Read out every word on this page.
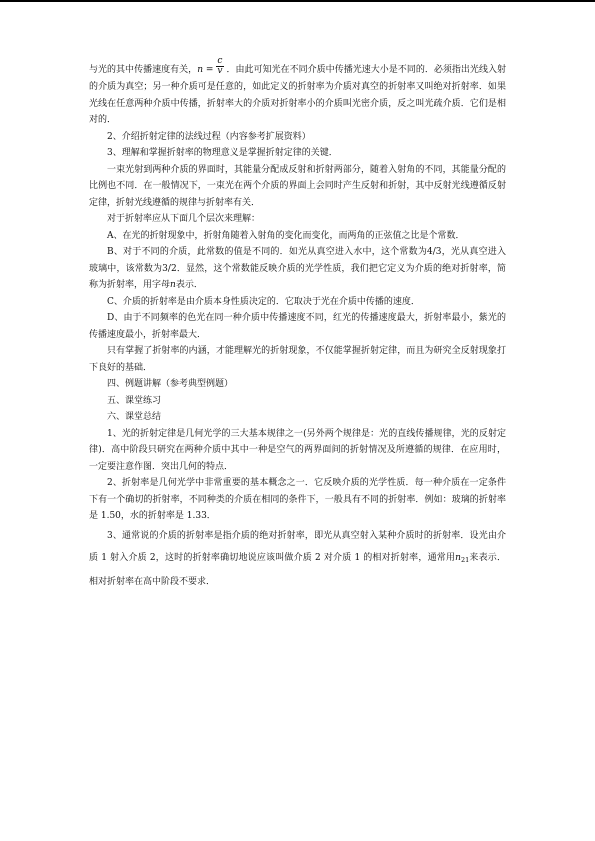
与光的其中传播速度有关，$n = \frac{c}{v}$ ．由此可知光在不同介质中传播光速大小是不同的．必须指出光线入射的介质为真空；另一种介质可是任意的，如此定义的折射率为介质对真空的折射率又叫绝对折射率．如果光线在任意两种介质中传播，折射率大的介质对折射率小的介质叫光密介质，反之叫光疏介质．它们是相对的．

2、介绍折射定律的法线过程（内容参考扩展资料）

3、理解和掌握折射率的物理意义是掌握折射定律的关键．

一束光射到两种介质的界面时，其能量分配成反射和折射两部分，随着入射角的不同，其能量分配的比例也不同．在一般情况下，一束光在两个介质的界面上会同时产生反射和折射，其中反射光线遵循反射定律，折射光线遵循的规律与折射率有关．

对于折射率应从下面几个层次来理解：

A、在光的折射现象中，折射角随着入射角的变化而变化，而两角的正弦值之比是个常数．

B、对于不同的介质，此常数的值是不同的．如光从真空进入水中，这个常数为4/3，光从真空进入玻璃中，该常数为3/2．显然，这个常数能反映介质的光学性质，我们把它定义为介质的绝对折射率，简称为折射率，用字母n表示．

C、介质的折射率是由介质本身性质决定的．它取决于光在介质中传播的速度．

D、由于不同频率的色光在同一种介质中传播速度不同，红光的传播速度最大，折射率最小，紫光的传播速度最小，折射率最大．

只有掌握了折射率的内涵，才能理解光的折射现象，不仅能掌握折射定律，而且为研究全反射现象打下良好的基础．

四、例题讲解（参考典型例题）

五、课堂练习

六、课堂总结

1、光的折射定律是几何光学的三大基本规律之一(另外两个规律是：光的直线传播规律，光的反射定律)．高中阶段只研究在两种介质中其中一种是空气的两界面间的折射情况及所遵循的规律．在应用时，一定要注意作图．突出几何的特点．

2、折射率是几何光学中非常重要的基本概念之一．它反映介质的光学性质．每一种介质在一定条件下有一个确切的折射率，不同种类的介质在相同的条件下，一般具有不同的折射率．例如：玻璃的折射率是 1.50，水的折射率是 1.33．

3、通常说的介质的折射率是指介质的绝对折射率，即光从真空射入某种介质时的折射率．设光由介质 1 射入介质 2，这时的折射率确切地说应该叫做介质 2 对介质 1 的相对折射率，通常用$n_{21}$来表示．相对折射率在高中阶段不要求．
